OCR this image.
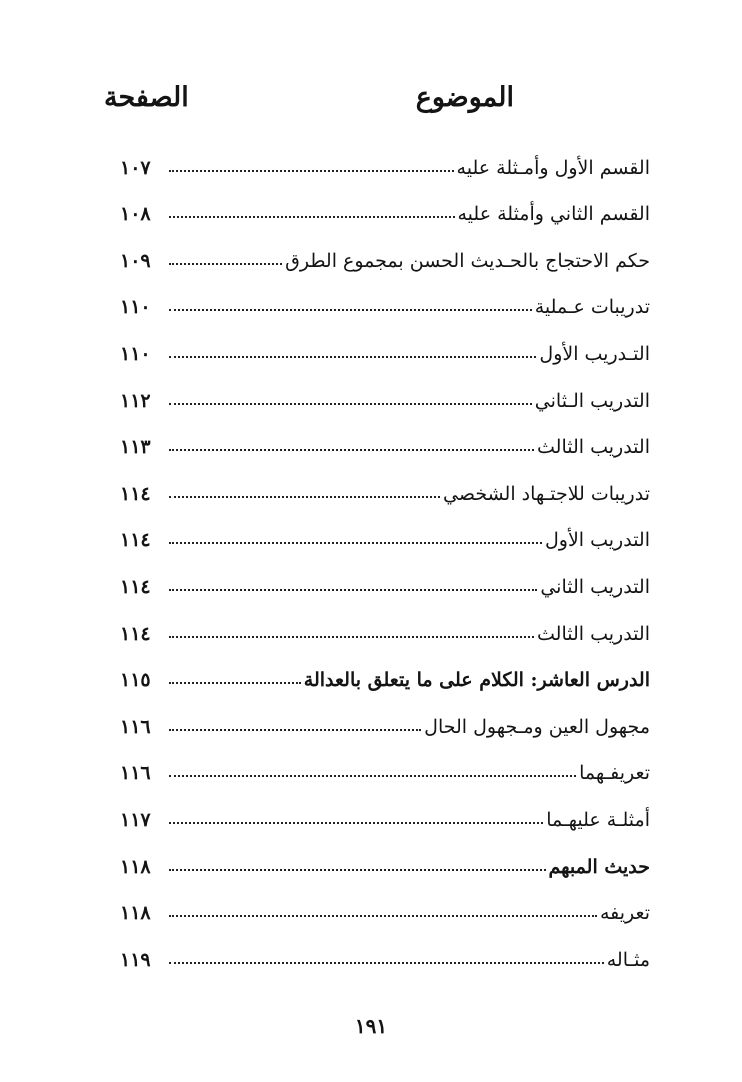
الموضوع
الصفحة
القسم الأول وأمـثلة عليه
١٠٧
القسم الثاني وأمثلة عليه
١٠٨
حكم الاحتجاج بالحـديث الحسن بمجموع الطرق
١٠٩
تدريبات عـملية
١١٠
التـدريب الأول
١١٠
التدريب الـثاني
١١٢
التدريب الثالث
١١٣
تدريبات للاجتـهاد الشخصي
١١٤
التدريب الأول
١١٤
التدريب الثاني
١١٤
التدريب الثالث
١١٤
الدرس العاشر: الكلام على ما يتعلق بالعدالة
١١٥
مجهول العين ومـجهول الحال
١١٦
تعريفـهما
١١٦
أمثلـة عليهـما
١١٧
حديث المبهم
١١٨
تعريفه
١١٨
مثـاله
١١٩
١٩١
